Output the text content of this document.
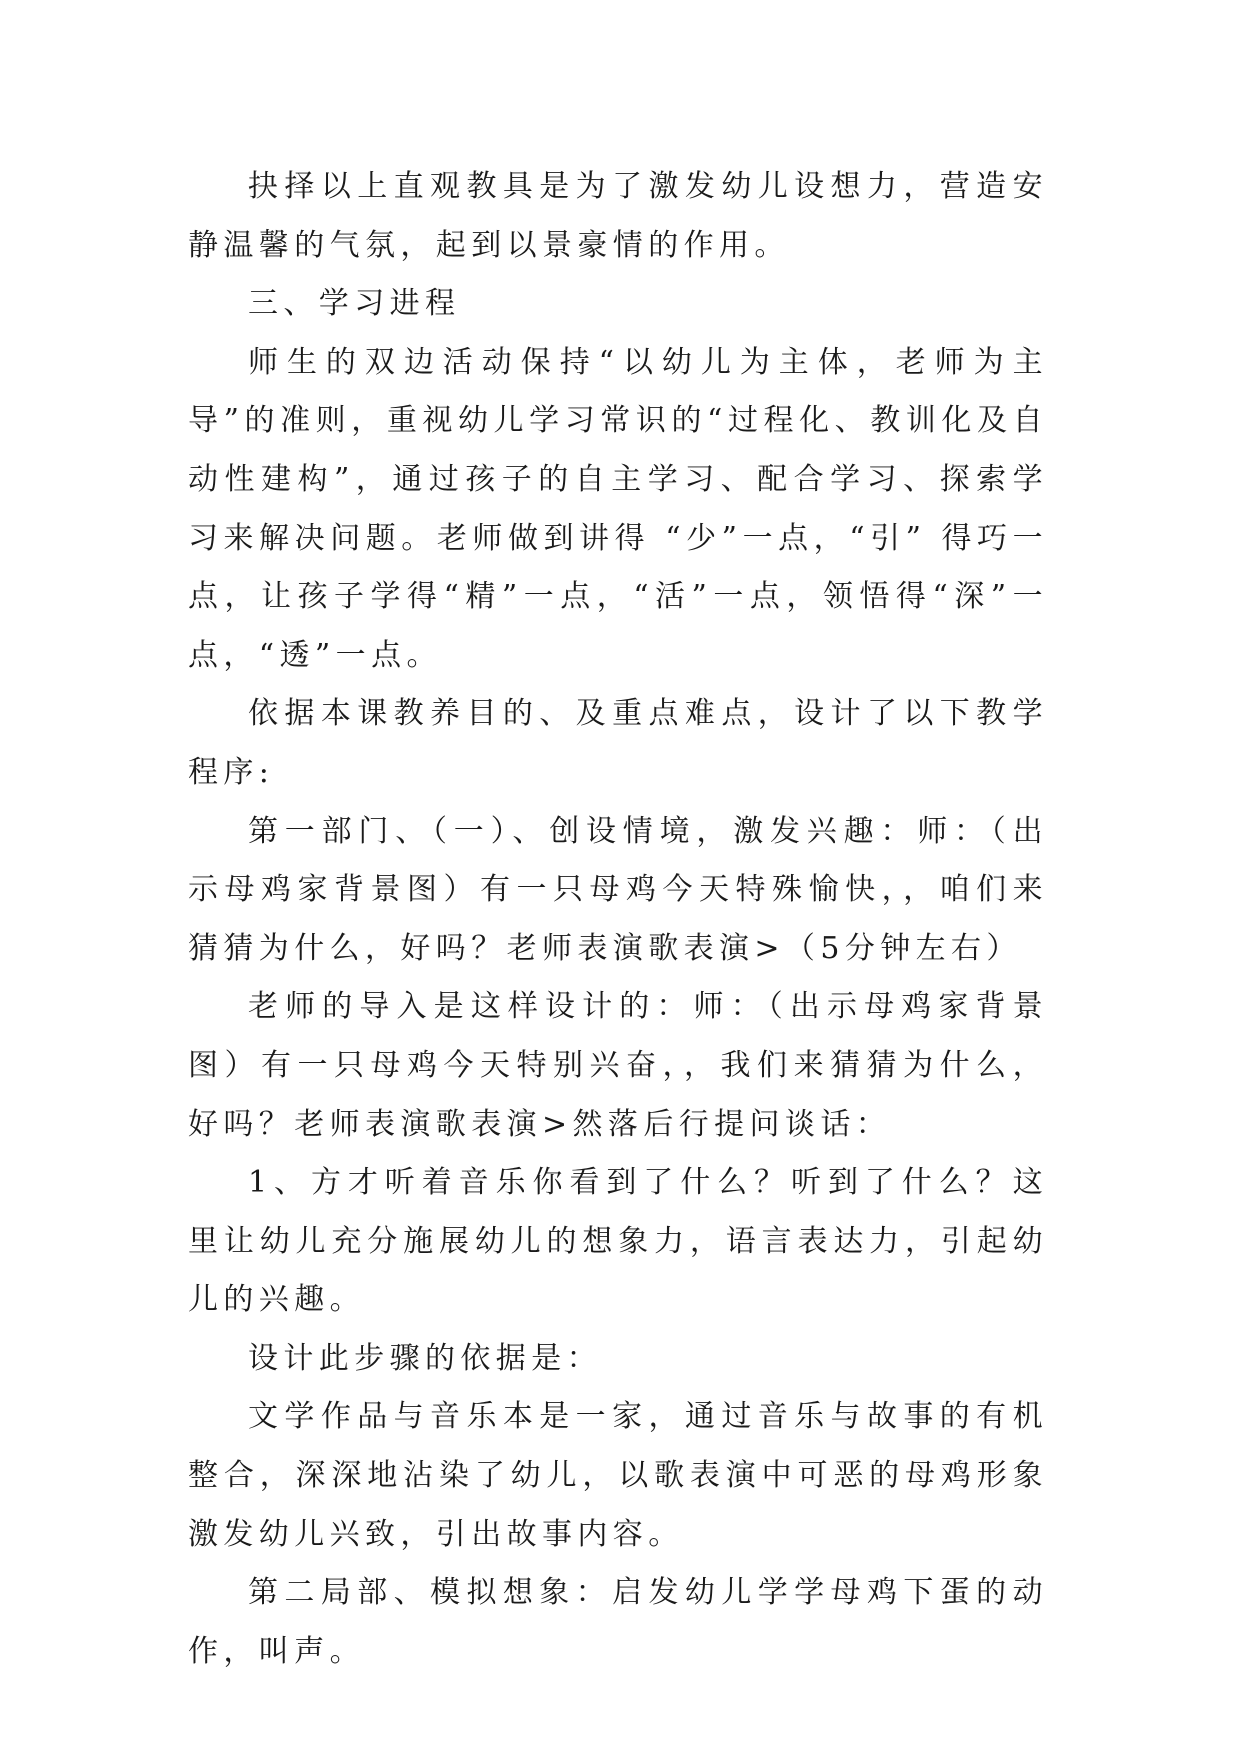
抉择以上直观教具是为了激发幼儿设想力，营造安静温馨的气氛，起到以景豪情的作用。

三、学习进程

师生的双边活动保持“以幼儿为主体，老师为主导”的准则，重视幼儿学习常识的“过程化、教训化及自动性建构”，通过孩子的自主学习、配合学习、探索学习来解决问题。老师做到讲得 “少”一点，“引” 得巧一点，让孩子学得“精”一点，“活”一点，领悟得“深”一点，“透”一点。

依据本课教养目的、及重点难点，设计了以下教学程序:

第一部门、（一）、创设情境，激发兴趣：师：（出示母鸡家背景图）有一只母鸡今天特殊愉快，，咱们来猜猜为什么，好吗？老师表演歌表演>（5分钟左右）

老师的导入是这样设计的：师：（出示母鸡家背景图）有一只母鸡今天特别兴奋，，我们来猜猜为什么，好吗？老师表演歌表演>然落后行提问谈话：

1、方才听着音乐你看到了什么？听到了什么？这里让幼儿充分施展幼儿的想象力，语言表达力，引起幼儿的兴趣。

设计此步骤的依据是：

文学作品与音乐本是一家，通过音乐与故事的有机整合，深深地沾染了幼儿，以歌表演中可恶的母鸡形象激发幼儿兴致，引出故事内容。

第二局部、模拟想象：启发幼儿学学母鸡下蛋的动作，叫声。
